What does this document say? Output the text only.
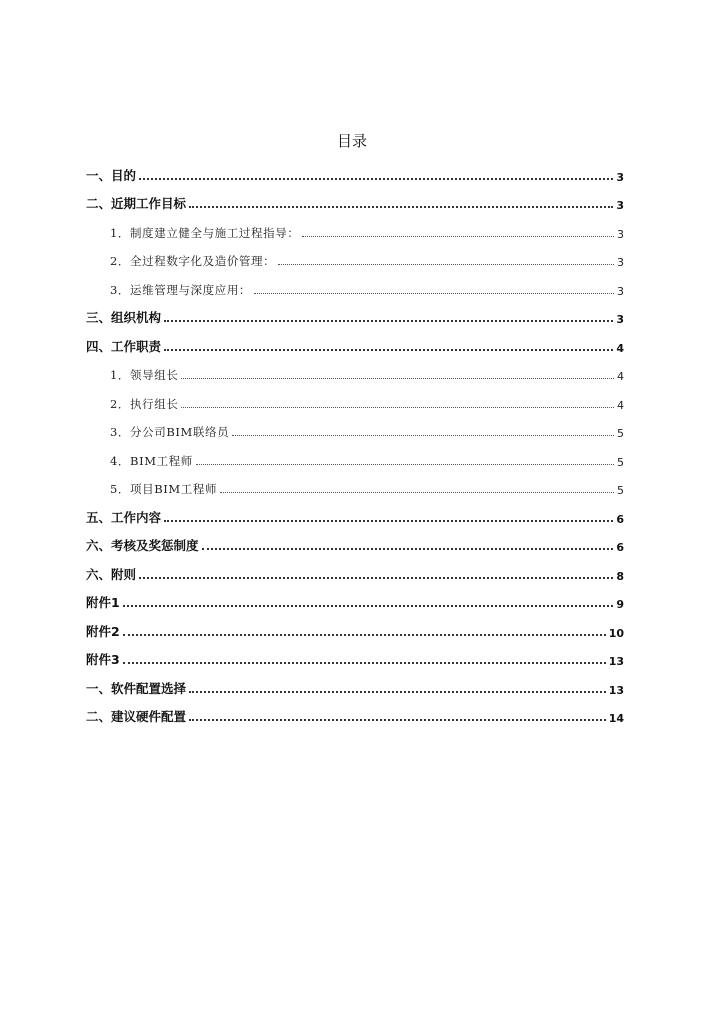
目录
一、目的	3
二、近期工作目标	3
1．制度建立健全与施工过程指导：	3
2．全过程数字化及造价管理：	3
3．运维管理与深度应用：	3
三、组织机构	3
四、工作职责	4
1．领导组长	4
2．执行组长	4
3．分公司BIM联络员	5
4．BIM工程师	5
5．项目BIM工程师	5
五、工作内容	6
六、考核及奖惩制度	6
六、附则	8
附件1	9
附件2	10
附件3	13
一、软件配置选择	13
二、建议硬件配置	14
